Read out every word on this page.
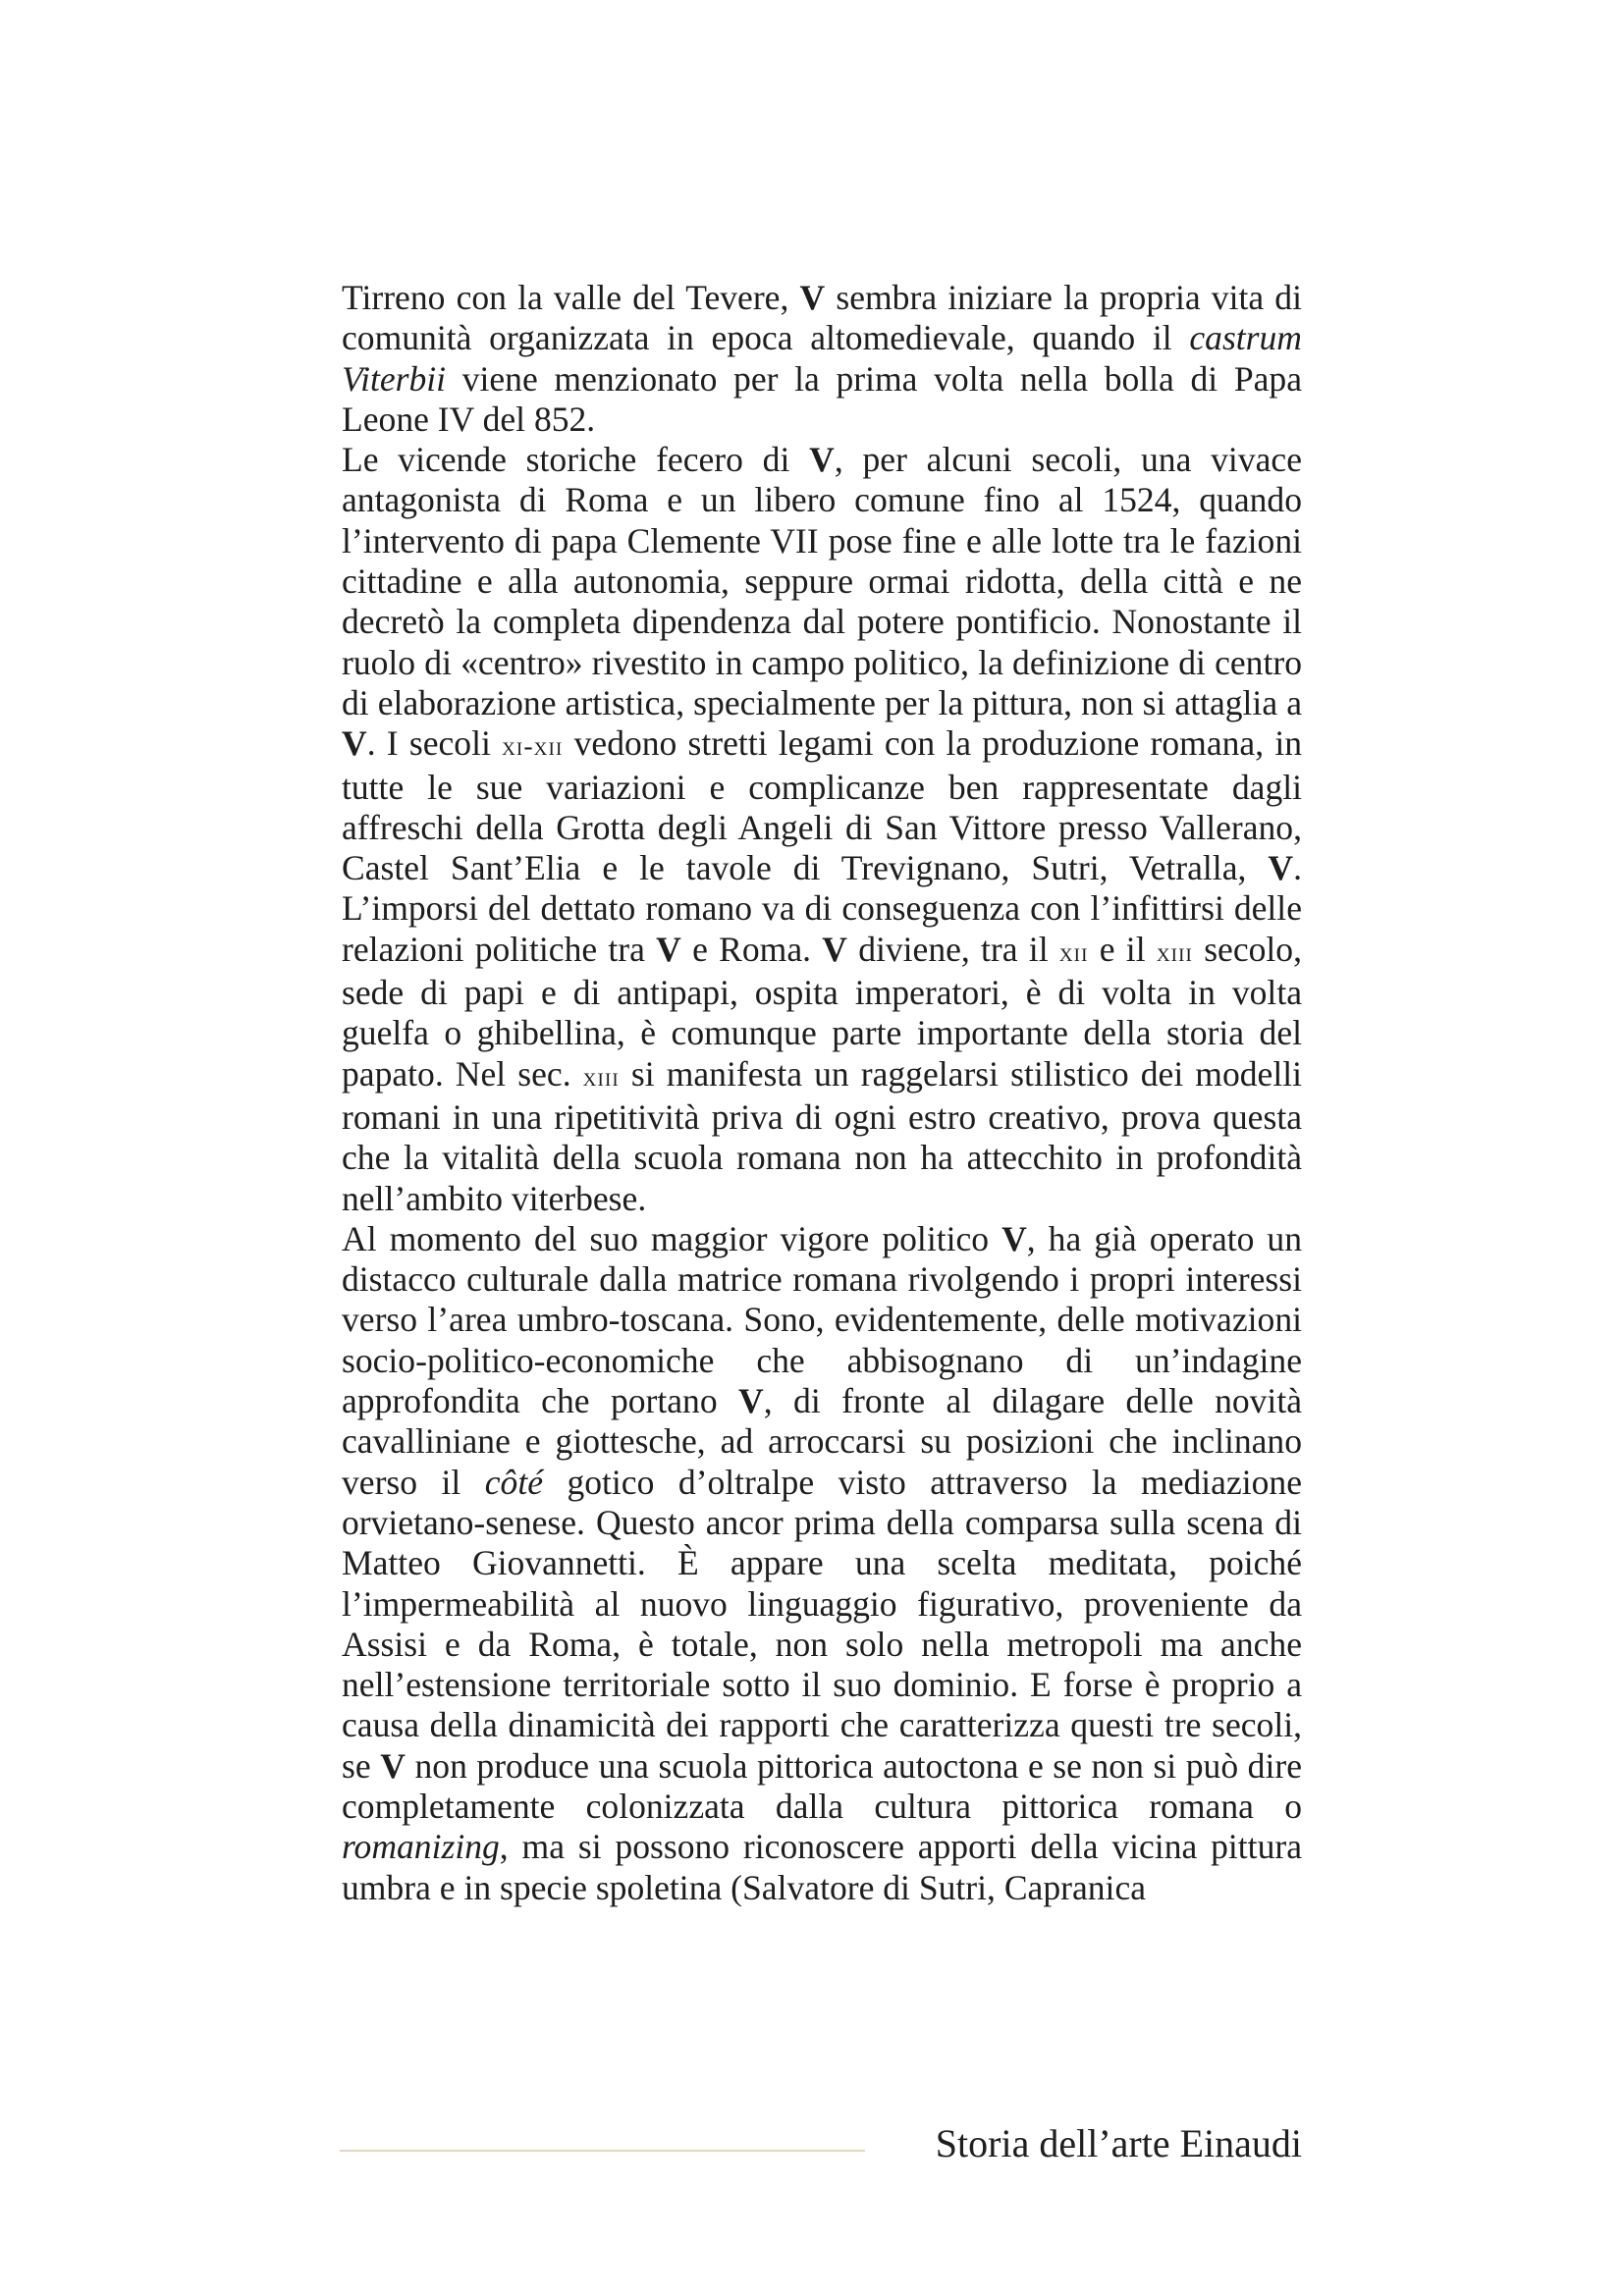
Tirreno con la valle del Tevere, V sembra iniziare la propria vita di comunità organizzata in epoca altomedievale, quando il castrum Viterbii viene menzionato per la prima volta nella bolla di Papa Leone IV del 852.

Le vicende storiche fecero di V, per alcuni secoli, una vivace antagonista di Roma e un libero comune fino al 1524, quando l’intervento di papa Clemente VII pose fine e alle lotte tra le fazioni cittadine e alla autonomia, seppure ormai ridotta, della città e ne decretò la completa dipendenza dal potere pontificio. Nonostante il ruolo di «centro» rivestito in campo politico, la definizione di centro di elaborazione artistica, specialmente per la pittura, non si attaglia a V. I secoli xi-xii vedono stretti legami con la produzione romana, in tutte le sue variazioni e complicanze ben rappresentate dagli affreschi della Grotta degli Angeli di San Vittore presso Vallerano, Castel Sant’Elia e le tavole di Trevignano, Sutri, Vetralla, V. L’imporsi del dettato romano va di conseguenza con l’infittirsi delle relazioni politiche tra V e Roma. V diviene, tra il xii e il xiii secolo, sede di papi e di antipapi, ospita imperatori, è di volta in volta guelfa o ghibellina, è comunque parte importante della storia del papato. Nel sec. xiii si manifesta un raggelarsi stilistico dei modelli romani in una ripetitività priva di ogni estro creativo, prova questa che la vitalità della scuola romana non ha attecchito in profondità nell’ambito viterbese.

Al momento del suo maggior vigore politico V, ha già operato un distacco culturale dalla matrice romana rivolgendo i propri interessi verso l’area umbro-toscana. Sono, evidentemente, delle motivazioni socio-politico-economiche che abbisognano di un’indagine approfondita che portano V, di fronte al dilagare delle novità cavalliniane e giottesche, ad arroccarsi su posizioni che inclinano verso il côté gotico d’oltralpe visto attraverso la mediazione orvietano-senese. Questo ancor prima della comparsa sulla scena di Matteo Giovannetti. È appare una scelta meditata, poiché l’impermeabilità al nuovo linguaggio figurativo, proveniente da Assisi e da Roma, è totale, non solo nella metropoli ma anche nell’estensione territoriale sotto il suo dominio. E forse è proprio a causa della dinamicità dei rapporti che caratterizza questi tre secoli, se V non produce una scuola pittorica autoctona e se non si può dire completamente colonizzata dalla cultura pittorica romana o romanizing, ma si possono riconoscere apporti della vicina pittura umbra e in specie spoletina (Salvatore di Sutri, Capranica

Storia dell’arte Einaudi
